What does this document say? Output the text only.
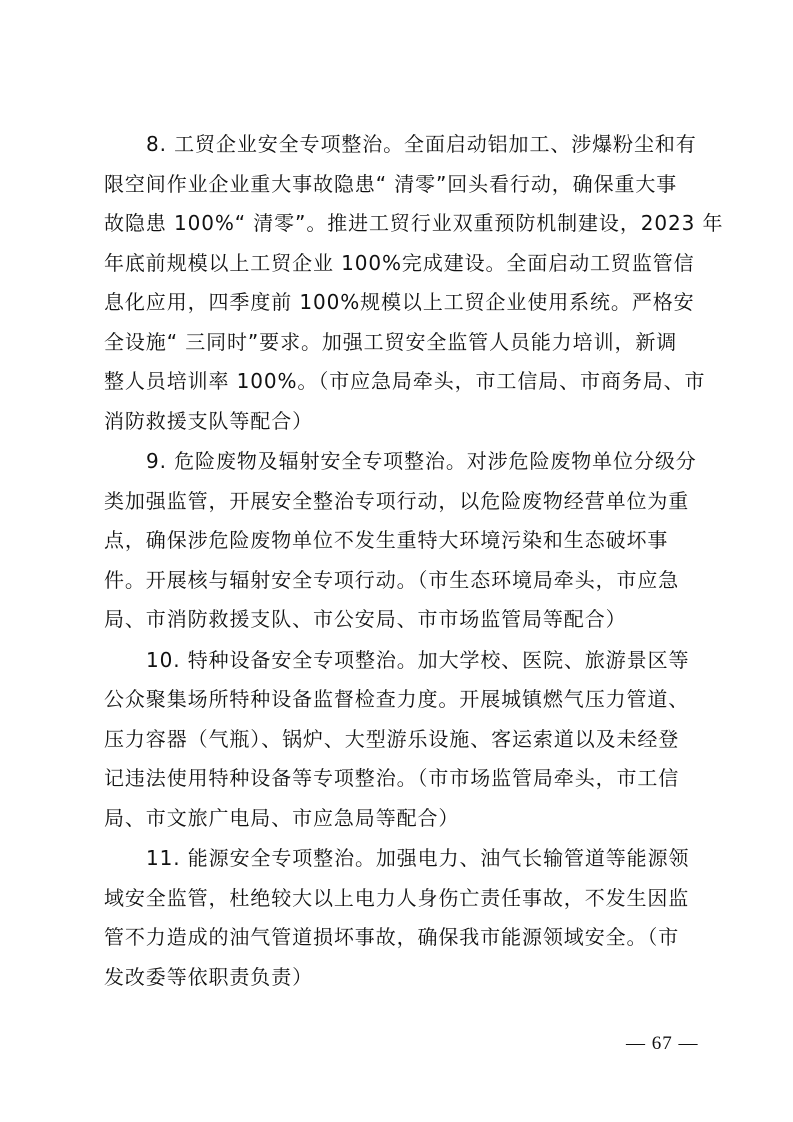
8. 工贸企业安全专项整治。全面启动铝加工、涉爆粉尘和有
限空间作业企业重大事故隐患“ 清零”回头看行动，确保重大事
故隐患 100%“ 清零”。推进工贸行业双重预防机制建设，2023 年
年底前规模以上工贸企业 100%完成建设。全面启动工贸监管信
息化应用，四季度前 100%规模以上工贸企业使用系统。严格安
全设施“ 三同时”要求。加强工贸安全监管人员能力培训，新调
整人员培训率 100%。（市应急局牵头，市工信局、市商务局、市
消防救援支队等配合）
9. 危险废物及辐射安全专项整治。对涉危险废物单位分级分
类加强监管，开展安全整治专项行动，以危险废物经营单位为重
点，确保涉危险废物单位不发生重特大环境污染和生态破坏事
件。开展核与辐射安全专项行动。（市生态环境局牵头，市应急
局、市消防救援支队、市公安局、市市场监管局等配合）
10. 特种设备安全专项整治。加大学校、医院、旅游景区等
公众聚集场所特种设备监督检查力度。开展城镇燃气压力管道、
压力容器（气瓶）、锅炉、大型游乐设施、客运索道以及未经登
记违法使用特种设备等专项整治。（市市场监管局牵头，市工信
局、市文旅广电局、市应急局等配合）
11. 能源安全专项整治。加强电力、油气长输管道等能源领
域安全监管，杜绝较大以上电力人身伤亡责任事故，不发生因监
管不力造成的油气管道损坏事故，确保我市能源领域安全。（市
发改委等依职责负责）
— 67 —
